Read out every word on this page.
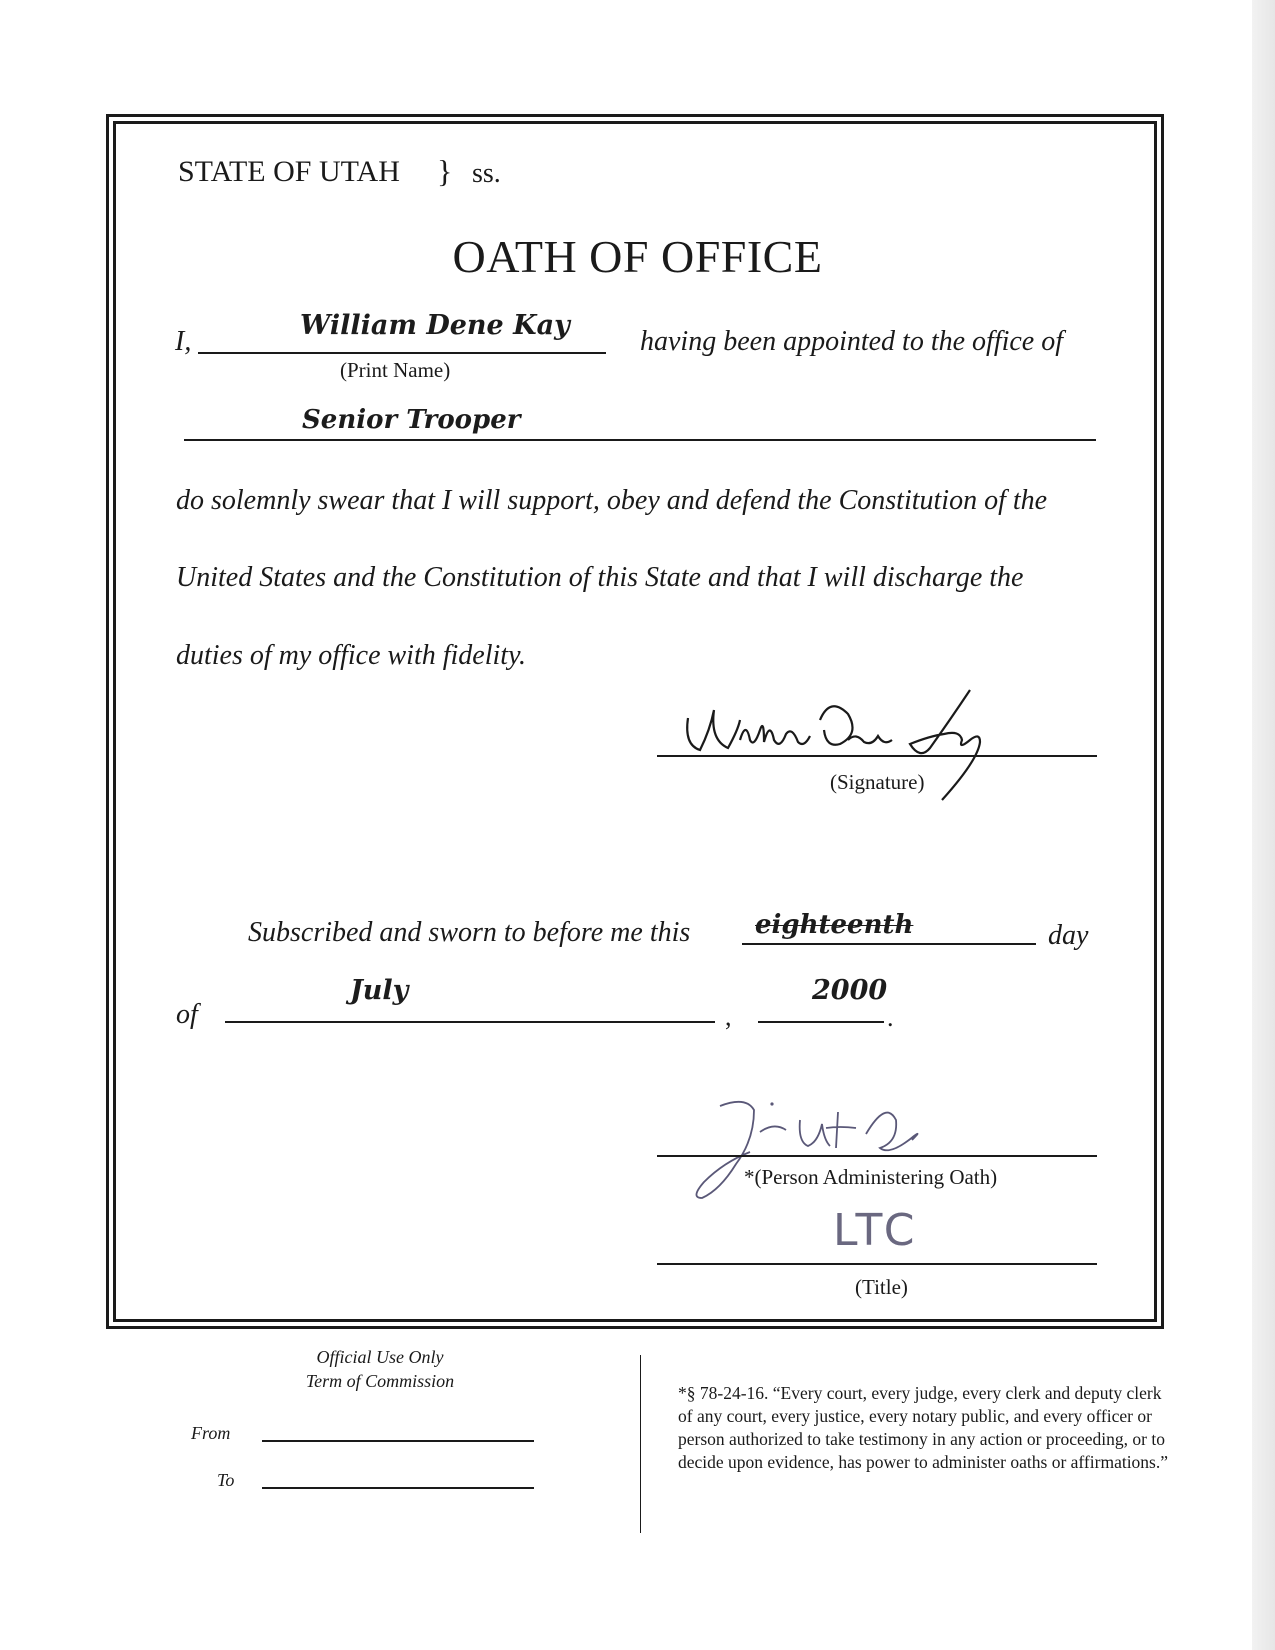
STATE OF UTAH } ss.
OATH OF OFFICE
I,
William Dene Kay
(Print Name)
having been appointed to the office of
Senior Trooper
do solemnly swear that I will support, obey and defend the Constitution of the
United States and the Constitution of this State and that I will discharge the
duties of my office with fidelity.
(Signature)
Subscribed and sworn to before me this eighteenth	day
of
July
,
2000
.
*(Person Administering Oath)
LTC
(Title)
Official Use Only
Term of Commission
From
To
*§ 78-24-16. “Every court, every judge, every clerk and deputy clerk of any court, every justice, every notary public, and every officer or person authorized to take testimony in any action or proceeding, or to decide upon evidence, has power to administer oaths or affirmations.”
